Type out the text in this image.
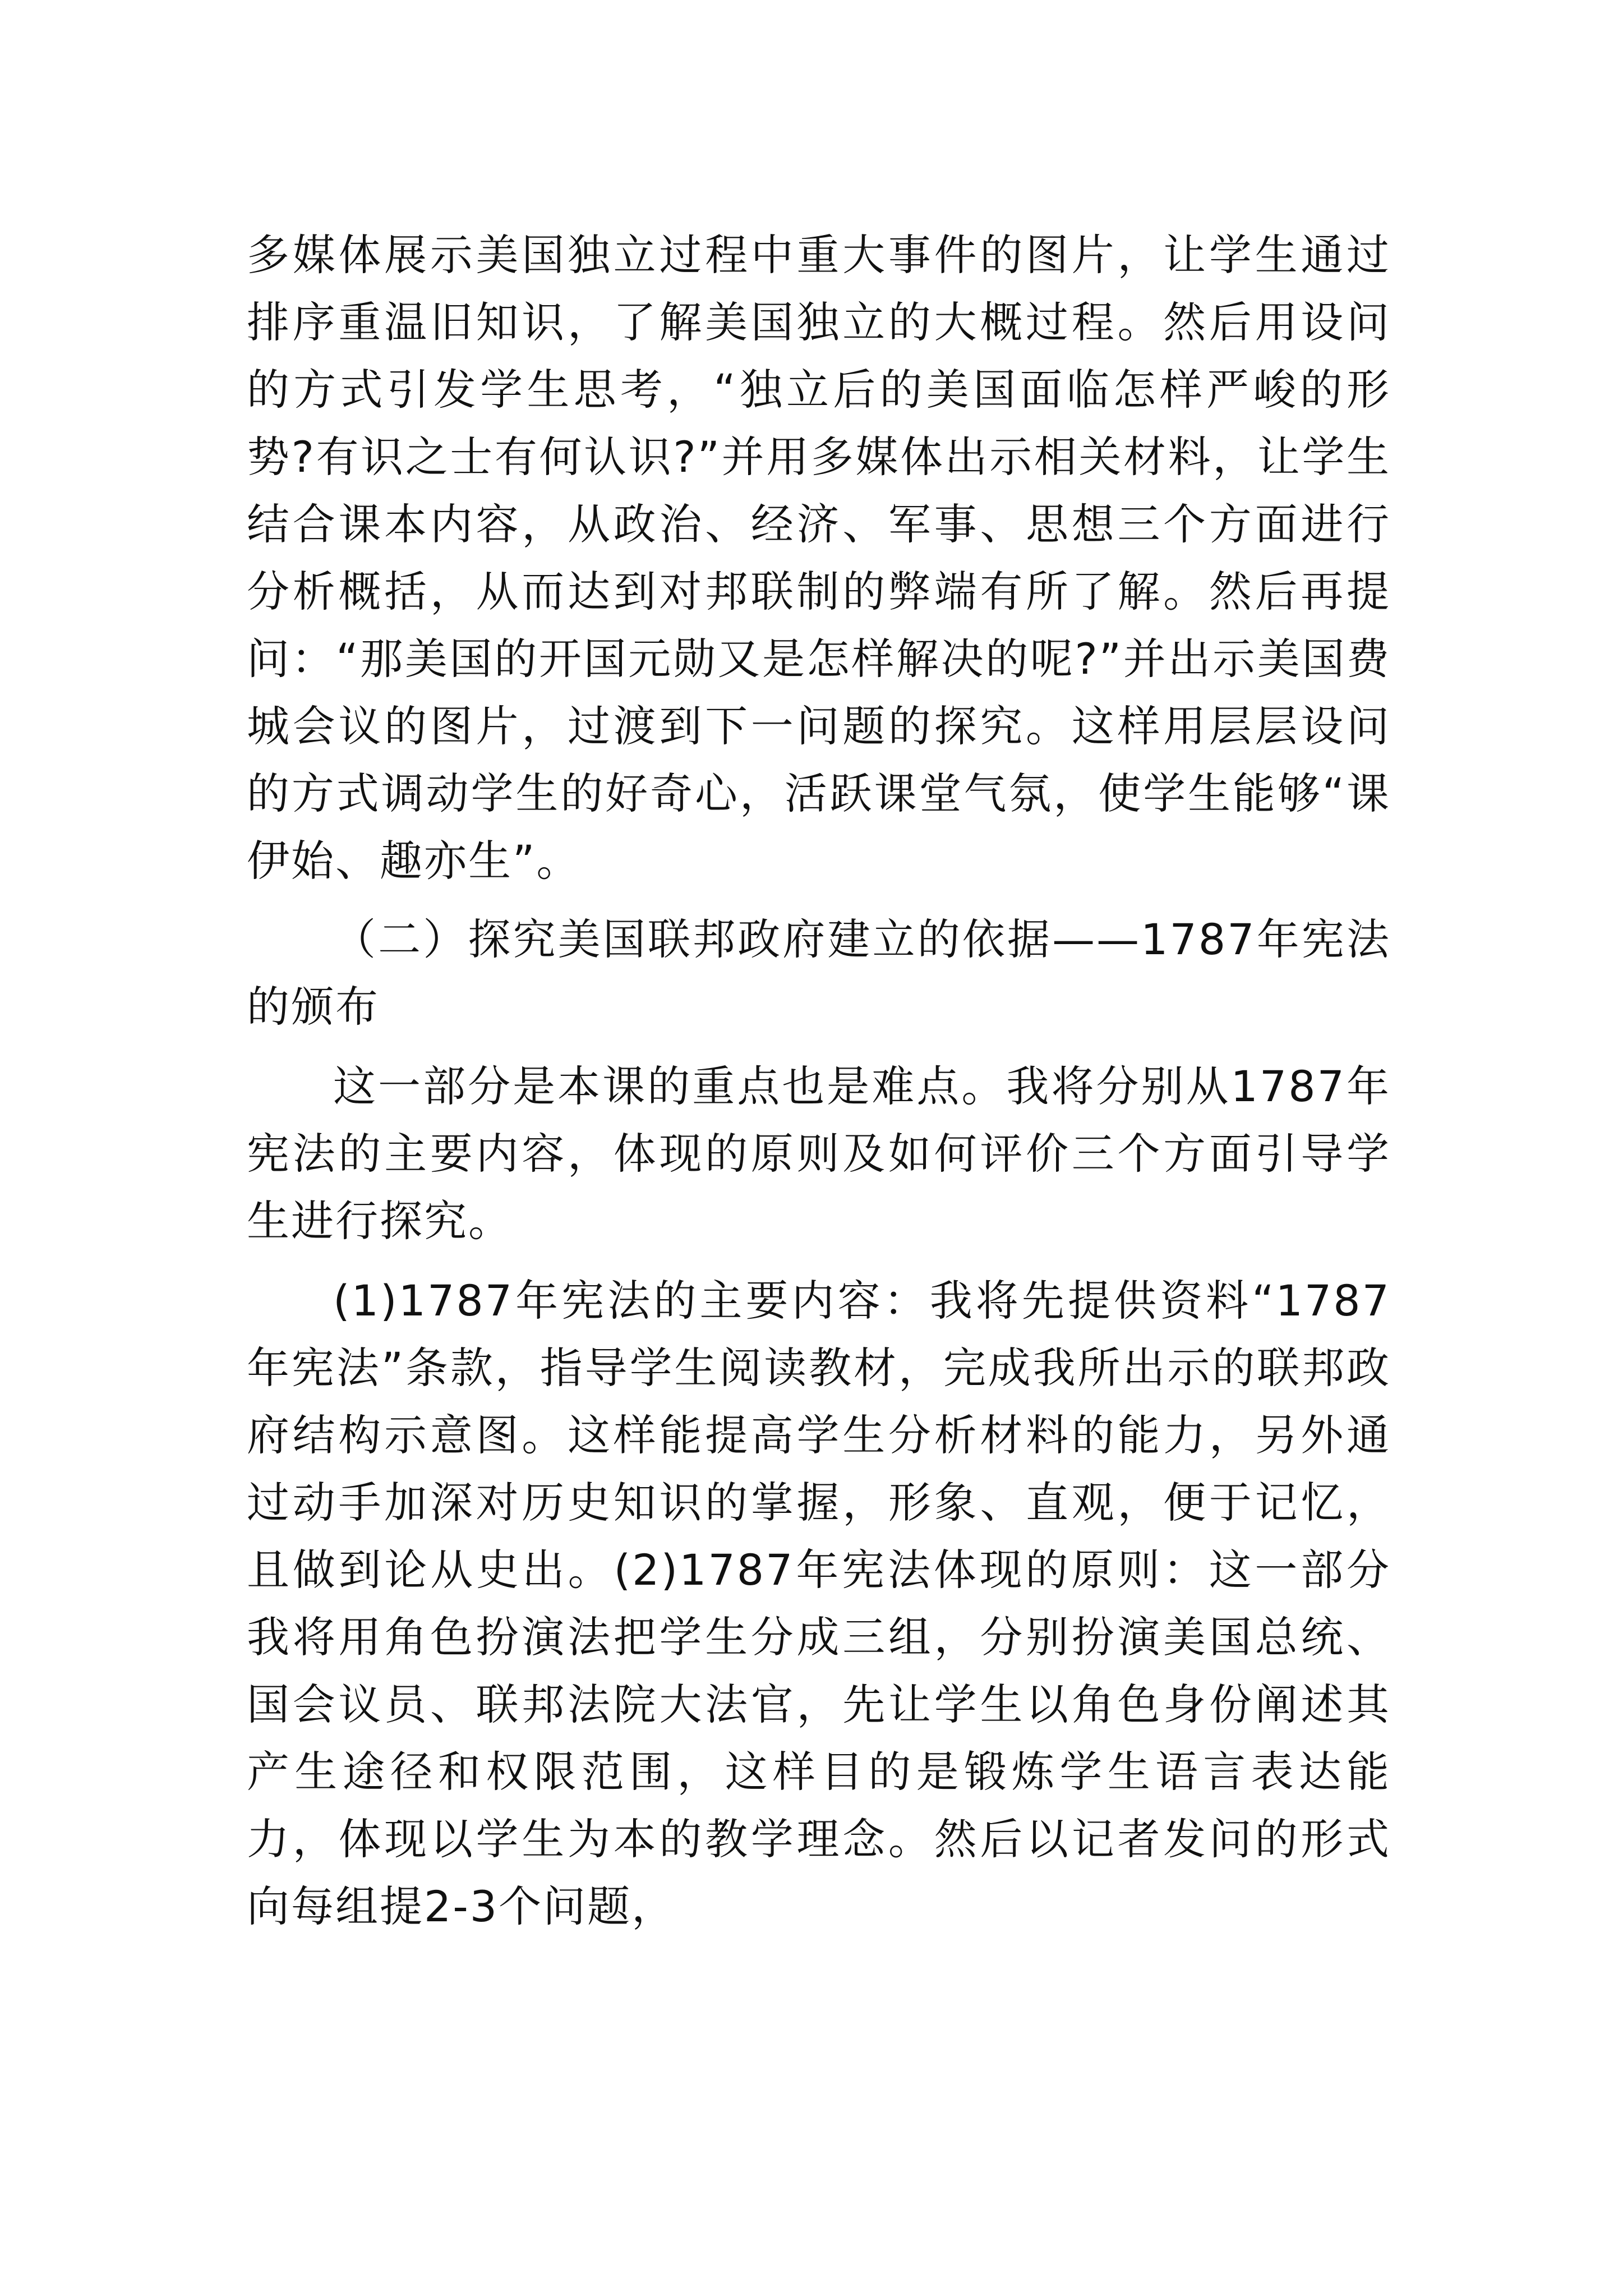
多媒体展示美国独立过程中重大事件的图片，让学生通过排序重温旧知识，了解美国独立的大概过程。然后用设问的方式引发学生思考，“独立后的美国面临怎样严峻的形势?有识之士有何认识?”并用多媒体出示相关材料，让学生结合课本内容，从政治、经济、军事、思想三个方面进行分析概括，从而达到对邦联制的弊端有所了解。然后再提问：“那美国的开国元勋又是怎样解决的呢?”并出示美国费城会议的图片，过渡到下一问题的探究。这样用层层设问的方式调动学生的好奇心，活跃课堂气氛，使学生能够“课伊始、趣亦生”。

（二）探究美国联邦政府建立的依据——1787年宪法的颁布

这一部分是本课的重点也是难点。我将分别从1787年宪法的主要内容，体现的原则及如何评价三个方面引导学生进行探究。

(1)1787年宪法的主要内容：我将先提供资料“1787年宪法”条款，指导学生阅读教材，完成我所出示的联邦政府结构示意图。这样能提高学生分析材料的能力，另外通过动手加深对历史知识的掌握，形象、直观，便于记忆，且做到论从史出。(2)1787年宪法体现的原则：这一部分我将用角色扮演法把学生分成三组，分别扮演美国总统、国会议员、联邦法院大法官，先让学生以角色身份阐述其产生途径和权限范围，这样目的是锻炼学生语言表达能力，体现以学生为本的教学理念。然后以记者发问的形式向每组提2-3个问题，
